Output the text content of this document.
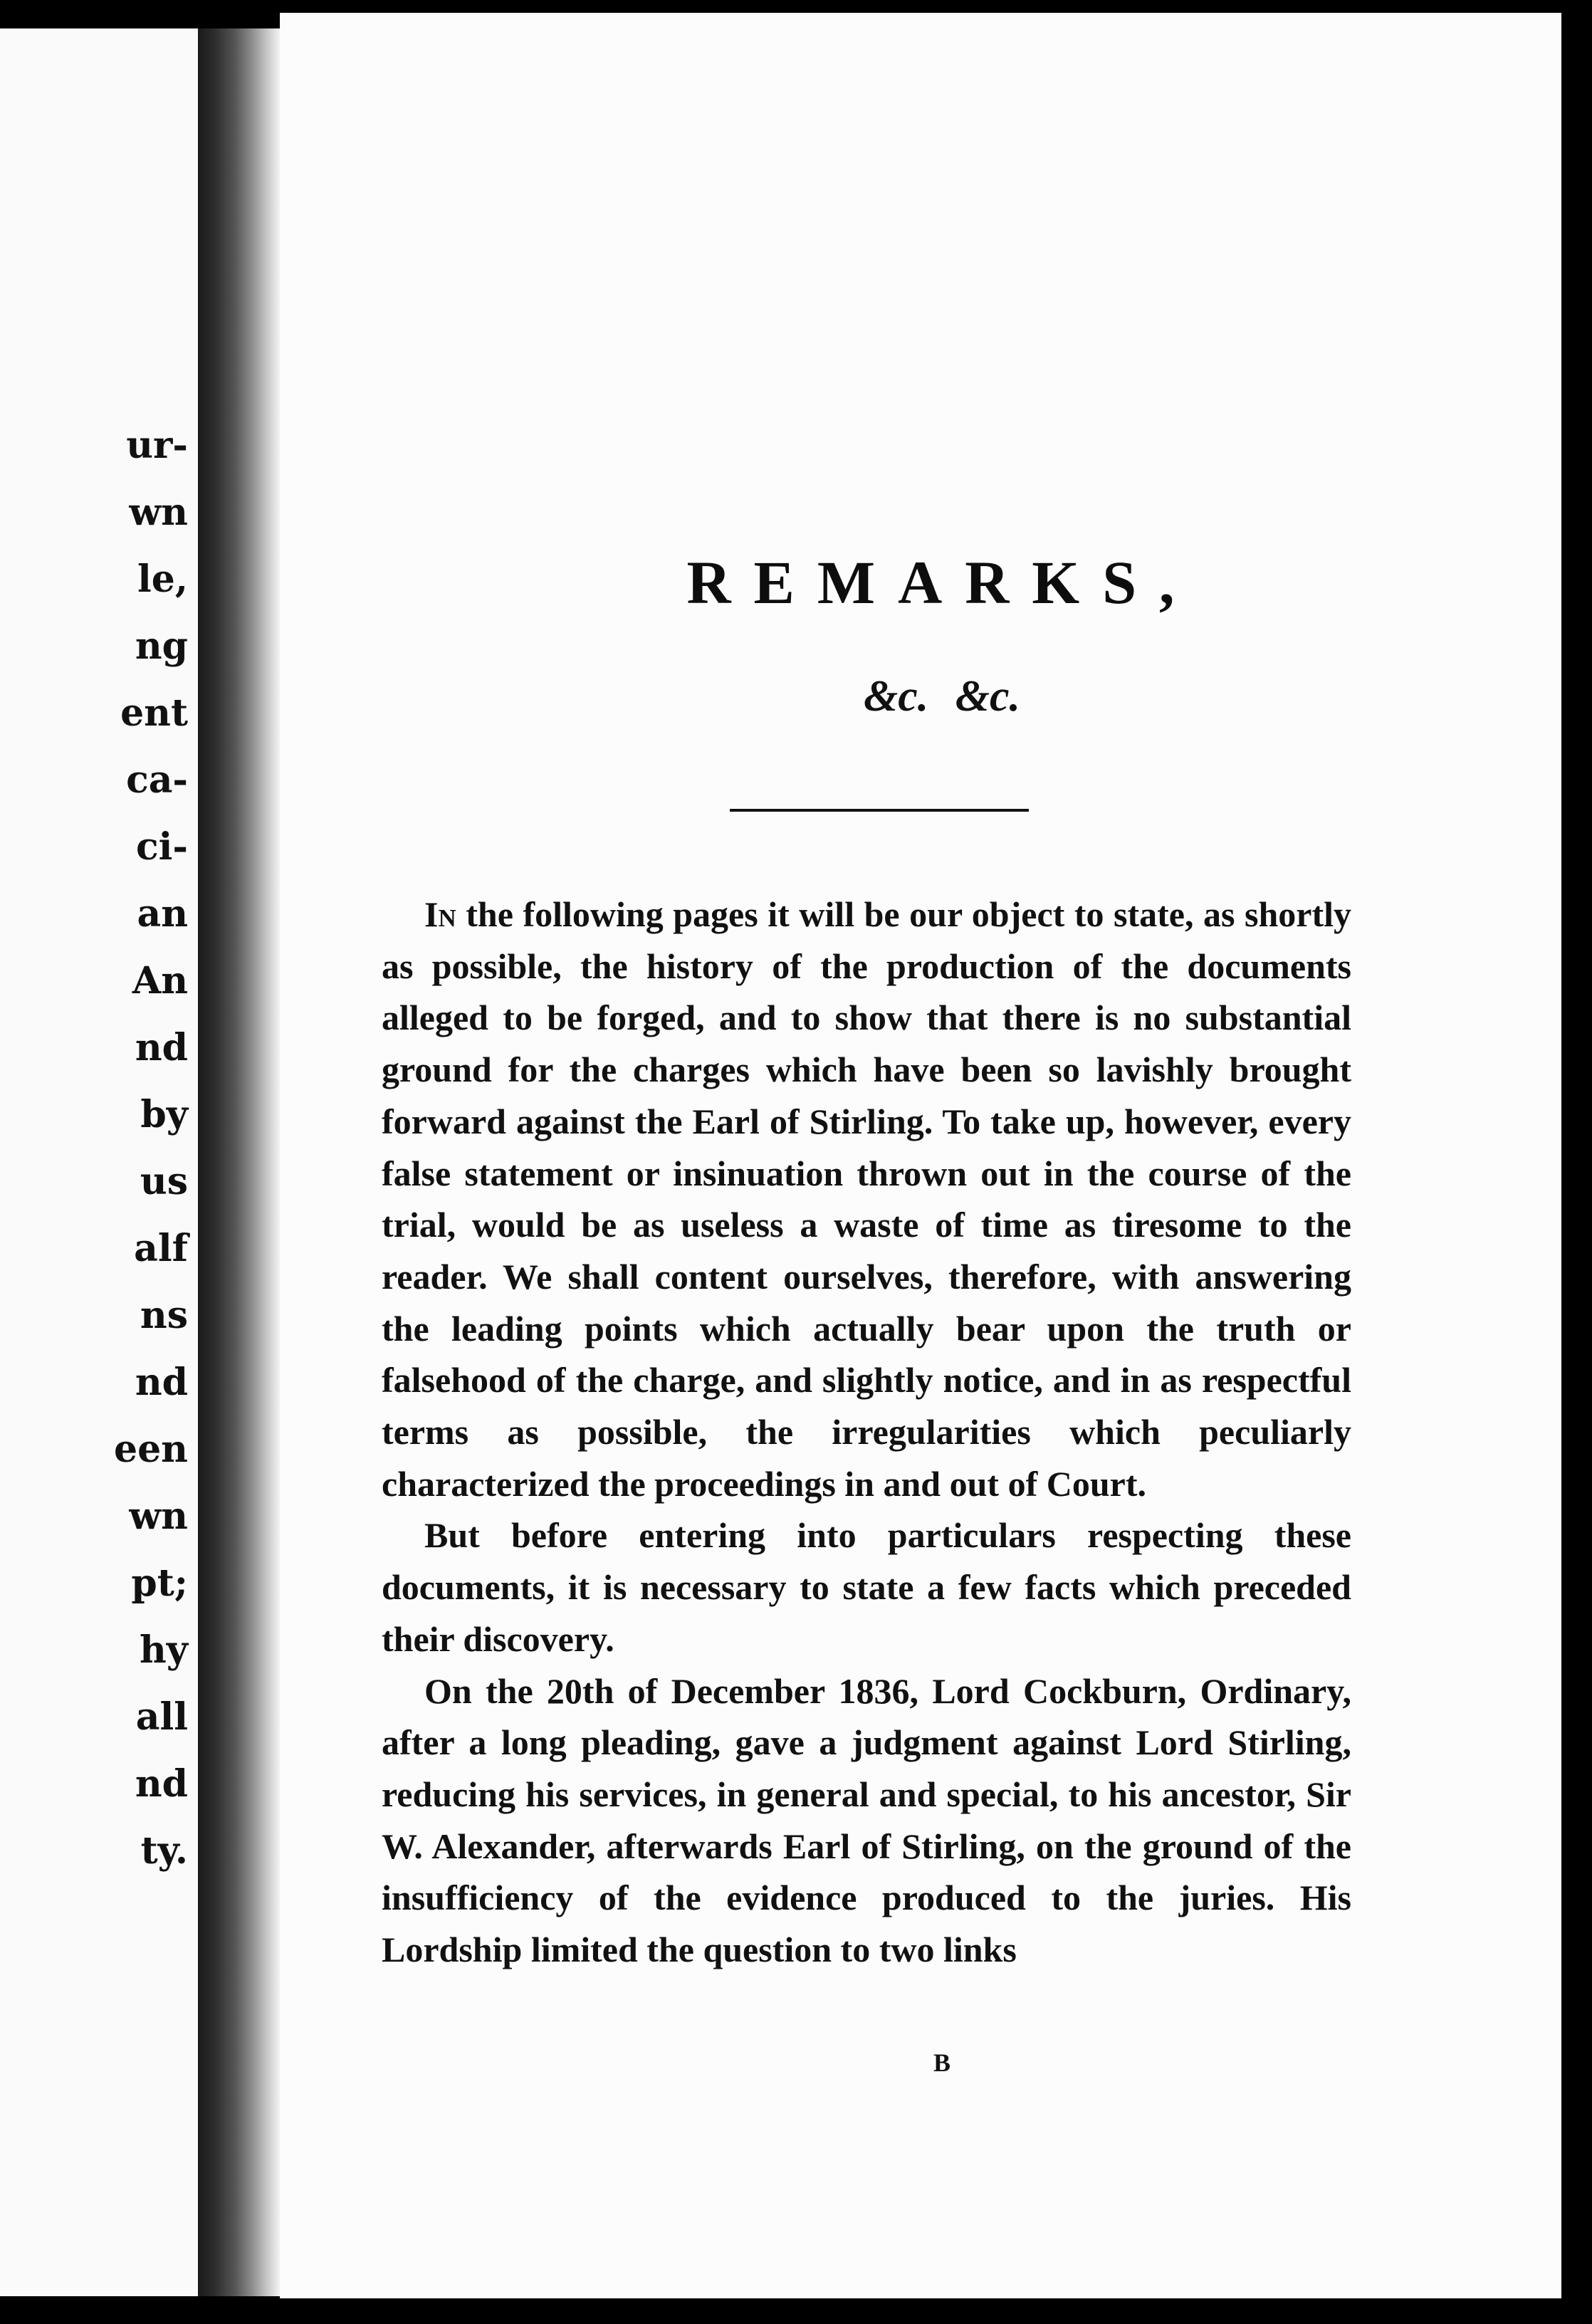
ur-
wn
le,
ng
ent
ca-
ci-
an
An
nd
by
us
alf
ns
nd
een
wn
pt;
hy
all
nd
ty.
REMARKS,
&c. &c.

In the following pages it will be our object to state, as shortly as possible, the history of the production of the documents alleged to be forged, and to show that there is no substantial ground for the charges which have been so lavishly brought forward against the Earl of Stirling. To take up, however, every false statement or insinuation thrown out in the course of the trial, would be as useless a waste of time as tiresome to the reader. We shall content ourselves, therefore, with answering the leading points which actually bear upon the truth or falsehood of the charge, and slightly notice, and in as respectful terms as possible, the irregularities which peculiarly characterized the proceedings in and out of Court.

But before entering into particulars respecting these documents, it is necessary to state a few facts which preceded their discovery.

On the 20th of December 1836, Lord Cockburn, Ordinary, after a long pleading, gave a judgment against Lord Stirling, reducing his services, in general and special, to his ancestor, Sir W. Alexander, afterwards Earl of Stirling, on the ground of the insufficiency of the evidence produced to the juries. His Lordship limited the question to two links

B
